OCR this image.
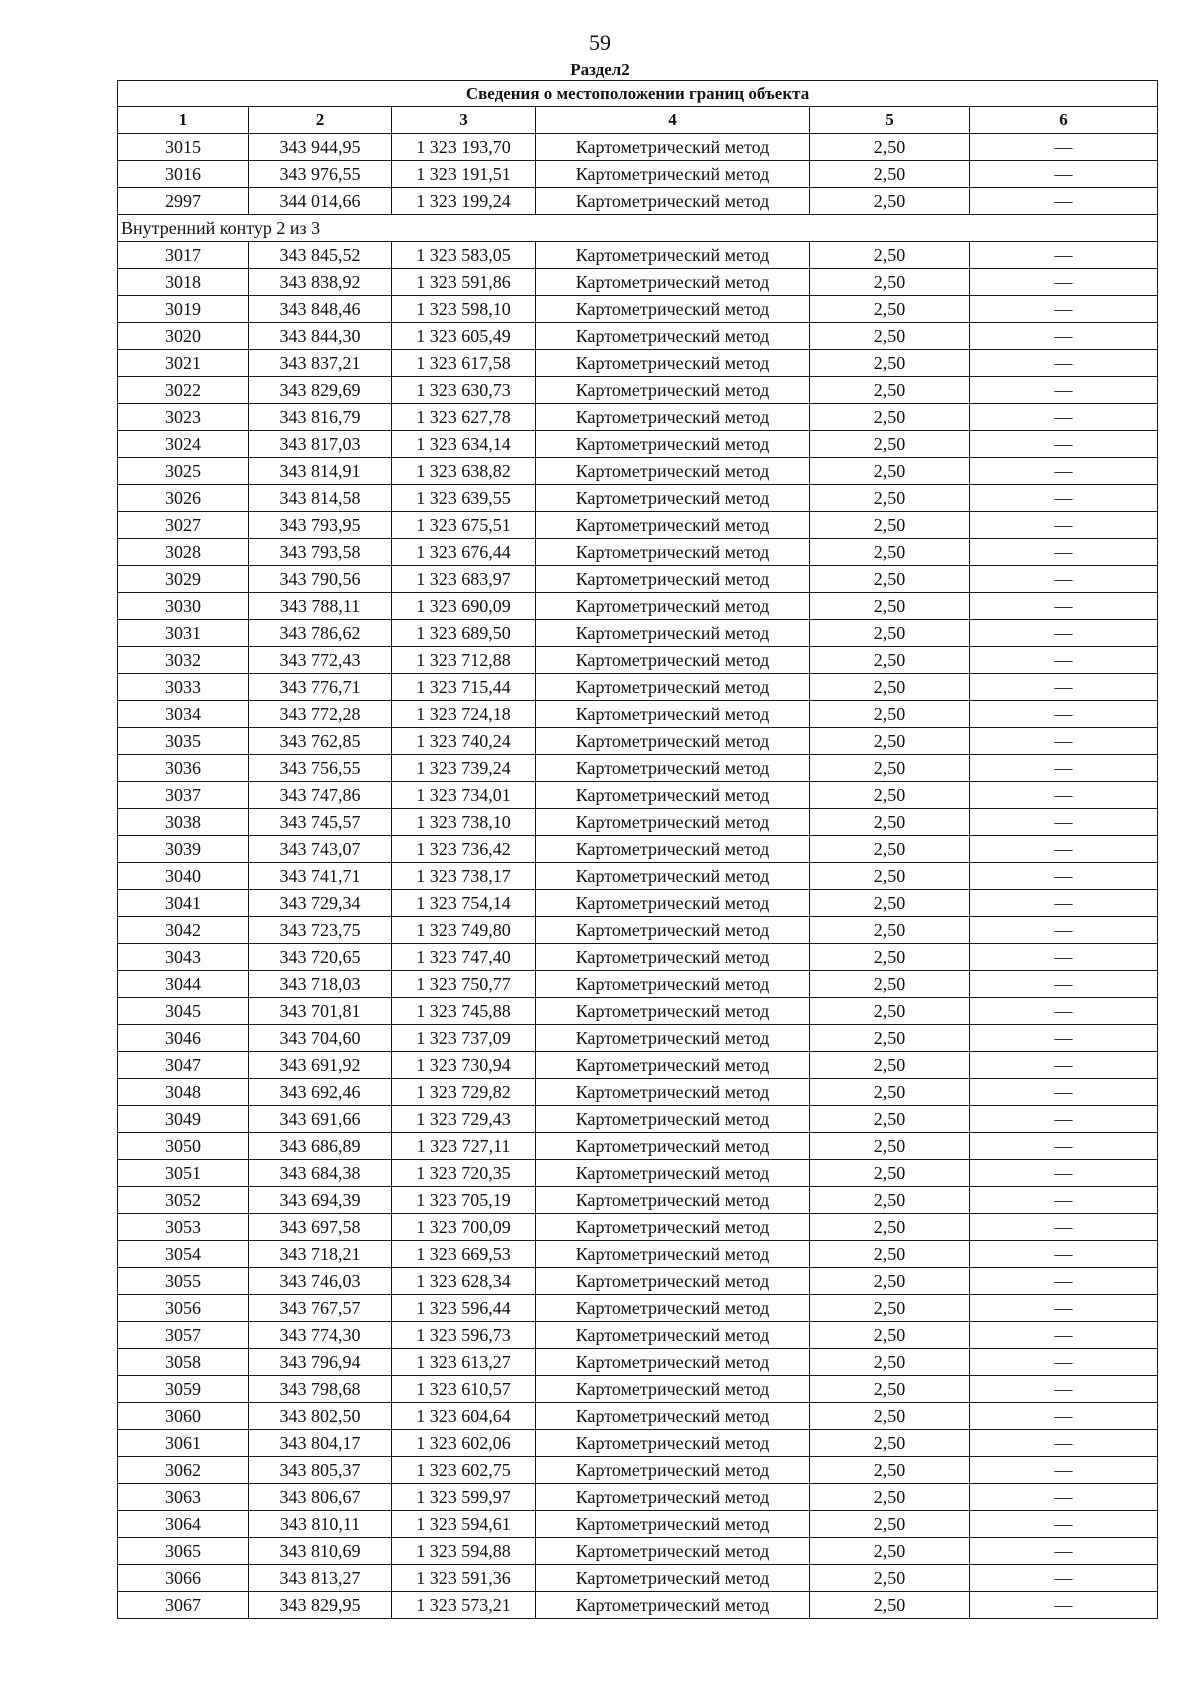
59
Раздел2
Сведения о местоположении границ объекта					
1	2	3	4	5	6
3015	343 944,95	1 323 193,70	Картометрический метод	2,50	—
3016	343 976,55	1 323 191,51	Картометрический метод	2,50	—
2997	344 014,66	1 323 199,24	Картометрический метод	2,50	—
Внутренний контур 2 из 3					
3017	343 845,52	1 323 583,05	Картометрический метод	2,50	—
3018	343 838,92	1 323 591,86	Картометрический метод	2,50	—
3019	343 848,46	1 323 598,10	Картометрический метод	2,50	—
3020	343 844,30	1 323 605,49	Картометрический метод	2,50	—
3021	343 837,21	1 323 617,58	Картометрический метод	2,50	—
3022	343 829,69	1 323 630,73	Картометрический метод	2,50	—
3023	343 816,79	1 323 627,78	Картометрический метод	2,50	—
3024	343 817,03	1 323 634,14	Картометрический метод	2,50	—
3025	343 814,91	1 323 638,82	Картометрический метод	2,50	—
3026	343 814,58	1 323 639,55	Картометрический метод	2,50	—
3027	343 793,95	1 323 675,51	Картометрический метод	2,50	—
3028	343 793,58	1 323 676,44	Картометрический метод	2,50	—
3029	343 790,56	1 323 683,97	Картометрический метод	2,50	—
3030	343 788,11	1 323 690,09	Картометрический метод	2,50	—
3031	343 786,62	1 323 689,50	Картометрический метод	2,50	—
3032	343 772,43	1 323 712,88	Картометрический метод	2,50	—
3033	343 776,71	1 323 715,44	Картометрический метод	2,50	—
3034	343 772,28	1 323 724,18	Картометрический метод	2,50	—
3035	343 762,85	1 323 740,24	Картометрический метод	2,50	—
3036	343 756,55	1 323 739,24	Картометрический метод	2,50	—
3037	343 747,86	1 323 734,01	Картометрический метод	2,50	—
3038	343 745,57	1 323 738,10	Картометрический метод	2,50	—
3039	343 743,07	1 323 736,42	Картометрический метод	2,50	—
3040	343 741,71	1 323 738,17	Картометрический метод	2,50	—
3041	343 729,34	1 323 754,14	Картометрический метод	2,50	—
3042	343 723,75	1 323 749,80	Картометрический метод	2,50	—
3043	343 720,65	1 323 747,40	Картометрический метод	2,50	—
3044	343 718,03	1 323 750,77	Картометрический метод	2,50	—
3045	343 701,81	1 323 745,88	Картометрический метод	2,50	—
3046	343 704,60	1 323 737,09	Картометрический метод	2,50	—
3047	343 691,92	1 323 730,94	Картометрический метод	2,50	—
3048	343 692,46	1 323 729,82	Картометрический метод	2,50	—
3049	343 691,66	1 323 729,43	Картометрический метод	2,50	—
3050	343 686,89	1 323 727,11	Картометрический метод	2,50	—
3051	343 684,38	1 323 720,35	Картометрический метод	2,50	—
3052	343 694,39	1 323 705,19	Картометрический метод	2,50	—
3053	343 697,58	1 323 700,09	Картометрический метод	2,50	—
3054	343 718,21	1 323 669,53	Картометрический метод	2,50	—
3055	343 746,03	1 323 628,34	Картометрический метод	2,50	—
3056	343 767,57	1 323 596,44	Картометрический метод	2,50	—
3057	343 774,30	1 323 596,73	Картометрический метод	2,50	—
3058	343 796,94	1 323 613,27	Картометрический метод	2,50	—
3059	343 798,68	1 323 610,57	Картометрический метод	2,50	—
3060	343 802,50	1 323 604,64	Картометрический метод	2,50	—
3061	343 804,17	1 323 602,06	Картометрический метод	2,50	—
3062	343 805,37	1 323 602,75	Картометрический метод	2,50	—
3063	343 806,67	1 323 599,97	Картометрический метод	2,50	—
3064	343 810,11	1 323 594,61	Картометрический метод	2,50	—
3065	343 810,69	1 323 594,88	Картометрический метод	2,50	—
3066	343 813,27	1 323 591,36	Картометрический метод	2,50	—
3067	343 829,95	1 323 573,21	Картометрический метод	2,50	—
